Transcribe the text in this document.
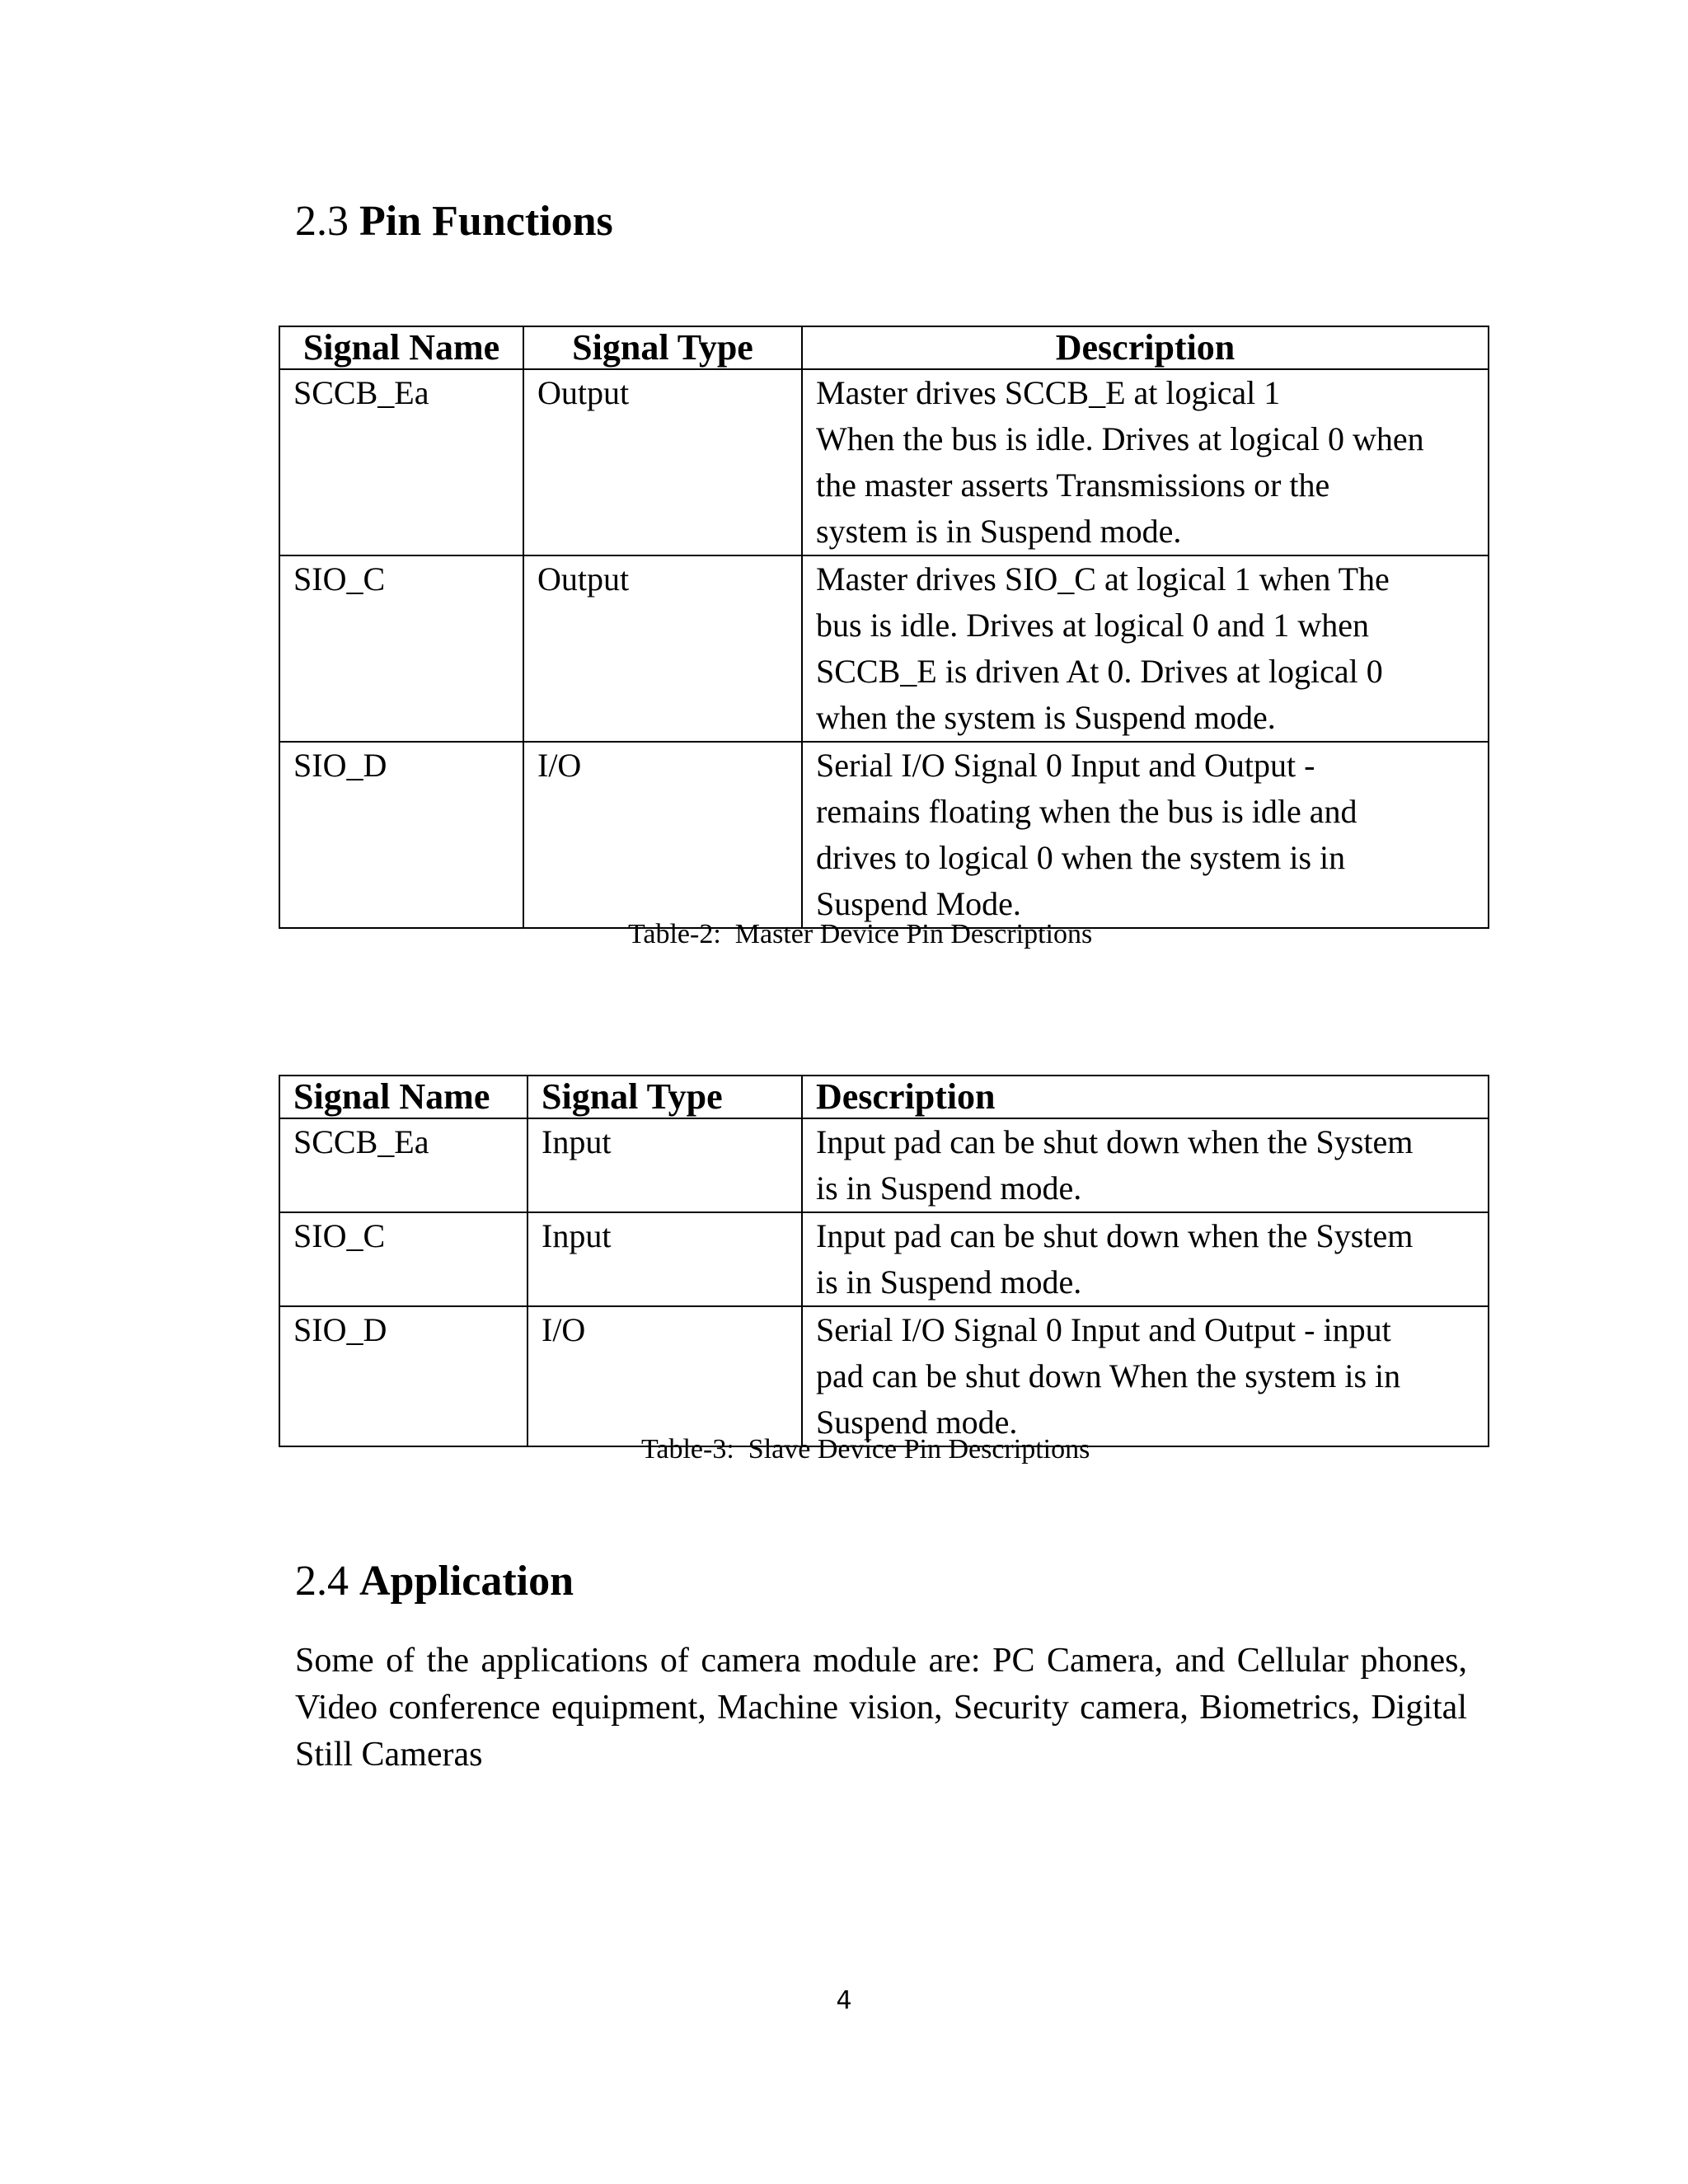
2.3 Pin Functions
Signal Name	Signal Type	Description
SCCB_Ea	Output	Master drives SCCB_E at logical 1
When the bus is idle. Drives at logical 0 when
the master asserts Transmissions or the
system is in Suspend mode.

SIO_C	Output	Master drives SIO_C at logical 1 when The
bus is idle. Drives at logical 0 and 1 when
SCCB_E is driven At 0. Drives at logical 0
when the system is Suspend mode.

SIO_D	I/O	Serial I/O Signal 0 Input and Output -
remains floating when the bus is idle and
drives to logical 0 when the system is in
Suspend Mode.
Table-2:  Master Device Pin Descriptions
Signal Name	Signal Type	Description
SCCB_Ea	Input	Input pad can be shut down when the System
is in Suspend mode.

SIO_C	Input	Input pad can be shut down when the System
is in Suspend mode.

SIO_D	I/O	Serial I/O Signal 0 Input and Output - input
pad can be shut down When the system is in
Suspend mode.
Table-3:  Slave Device Pin Descriptions
2.4 Application

Some of the applications of camera module are: PC Camera, and Cellular phones, Video conference equipment, Machine vision, Security camera, Biometrics, Digital Still Cameras

4
